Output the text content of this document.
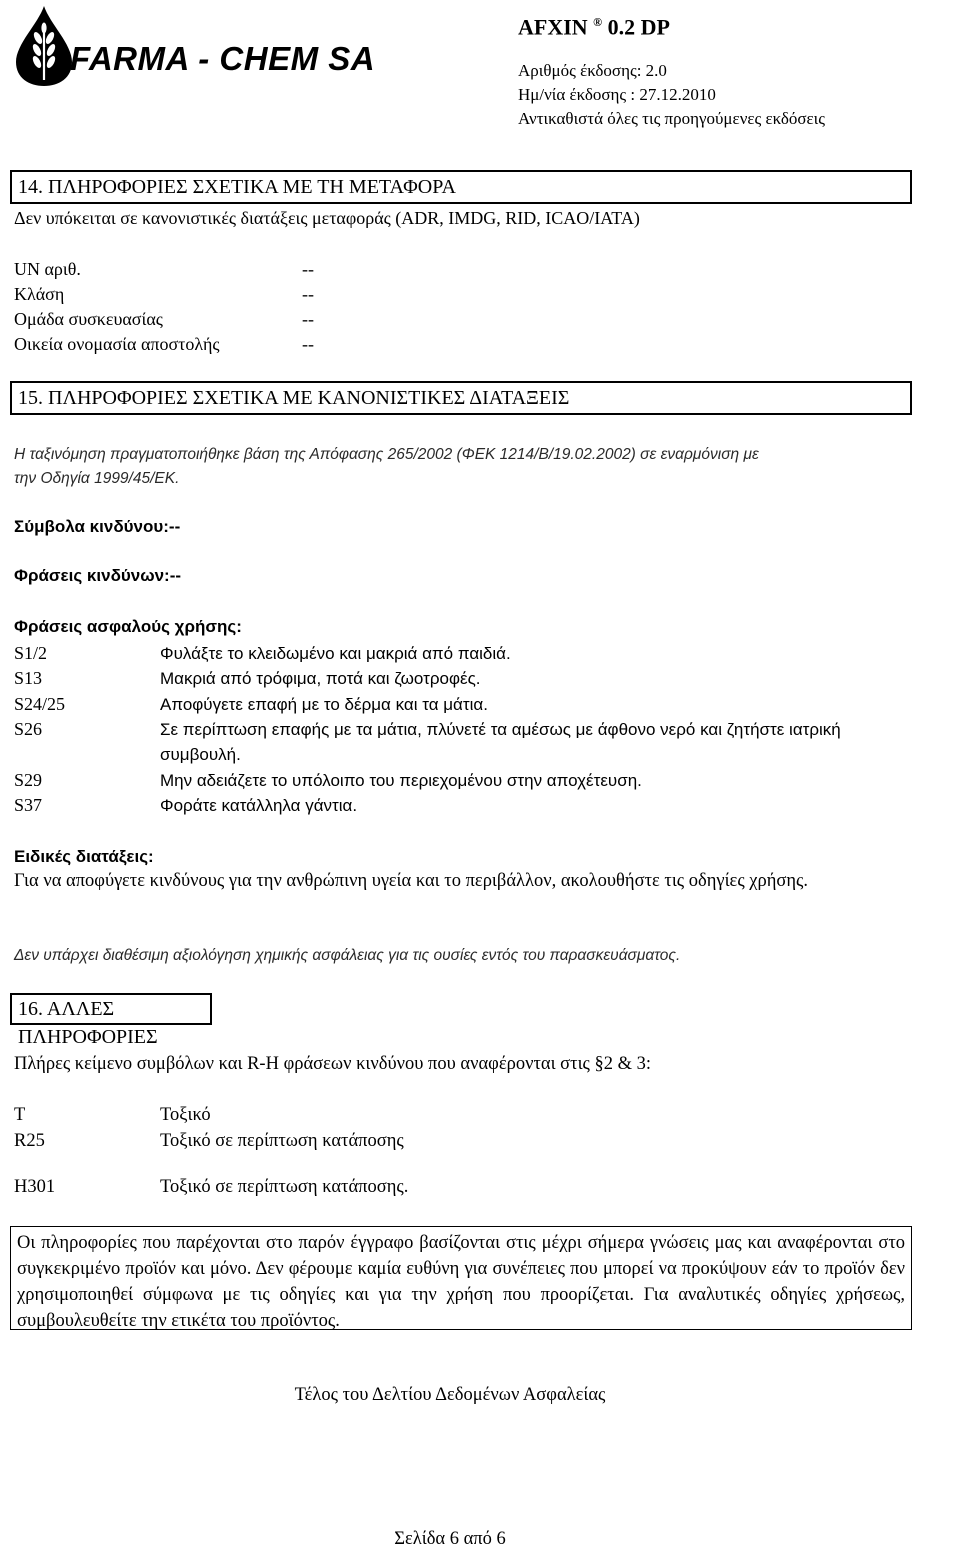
FARMA - CHEM SA
AFXIN ® 0.2 DP
Αριθμός έκδοσης: 2.0
Ημ/νία έκδοσης : 27.12.2010
Αντικαθιστά όλες τις προηγούμενες εκδόσεις
14. ΠΛΗΡΟΦΟΡΙΕΣ ΣΧΕΤΙΚΑ ΜΕ ΤΗ ΜΕΤΑΦΟΡΑ
Δεν υπόκειται σε κανονιστικές διατάξεις μεταφοράς (ADR, IMDG, RID, ICAO/IATA)
UN αριθ.	--
Κλάση	--
Ομάδα συσκευασίας	--
Οικεία ονομασία αποστολής	--
15. ΠΛΗΡΟΦΟΡΙΕΣ ΣΧΕΤΙΚΑ ΜΕ ΚΑΝΟΝΙΣΤΙΚΕΣ ΔΙΑΤΑΞΕΙΣ
Η ταξινόμηση πραγματοποιήθηκε βάση της Απόφασης 265/2002 (ΦΕΚ 1214/Β/19.02.2002) σε εναρμόνιση με
την Οδηγία 1999/45/ΕΚ.
Σύμβολα κινδύνου:--
Φράσεις κινδύνων:--
Φράσεις ασφαλούς χρήσης:
S1/2	Φυλάξτε το κλειδωμένο και μακριά από παιδιά.
S13	Μακριά από τρόφιμα, ποτά και ζωοτροφές.
S24/25	Αποφύγετε επαφή με το δέρμα και τα μάτια.
S26	Σε περίπτωση επαφής με τα μάτια, πλύνετέ τα αμέσως με άφθονο νερό και ζητήστε ιατρική συμβουλή.
S29	Μην αδειάζετε το υπόλοιπο του περιεχομένου στην αποχέτευση.
S37	Φοράτε κατάλληλα γάντια.
Ειδικές διατάξεις:
Για να αποφύγετε κινδύνους για την ανθρώπινη υγεία και το περιβάλλον, ακολουθήστε τις οδηγίες χρήσης.
Δεν υπάρχει διαθέσιμη αξιολόγηση χημικής ασφάλειας για τις ουσίες εντός του παρασκευάσματος.
16. ΑΛΛΕΣ ΠΛΗΡΟΦΟΡΙΕΣ
Πλήρες κείμενο συμβόλων και R-H φράσεων κινδύνου που αναφέρονται στις §2 & 3:
T	Τοξικό
R25	Τοξικό σε περίπτωση κατάποσης
H301	Τοξικό σε περίπτωση κατάποσης.
Οι πληροφορίες που παρέχονται στο παρόν έγγραφο βασίζονται στις μέχρι σήμερα γνώσεις μας και αναφέρονται στο συγκεκριμένο προϊόν και μόνο. Δεν φέρουμε καμία ευθύνη για συνέπειες που μπορεί να προκύψουν εάν το προϊόν δεν χρησιμοποιηθεί σύμφωνα με τις οδηγίες και για την χρήση που προορίζεται. Για αναλυτικές οδηγίες χρήσεως, συμβουλευθείτε την ετικέτα του προϊόντος.
Τέλος του Δελτίου Δεδομένων Ασφαλείας
Σελίδα 6 από 6
